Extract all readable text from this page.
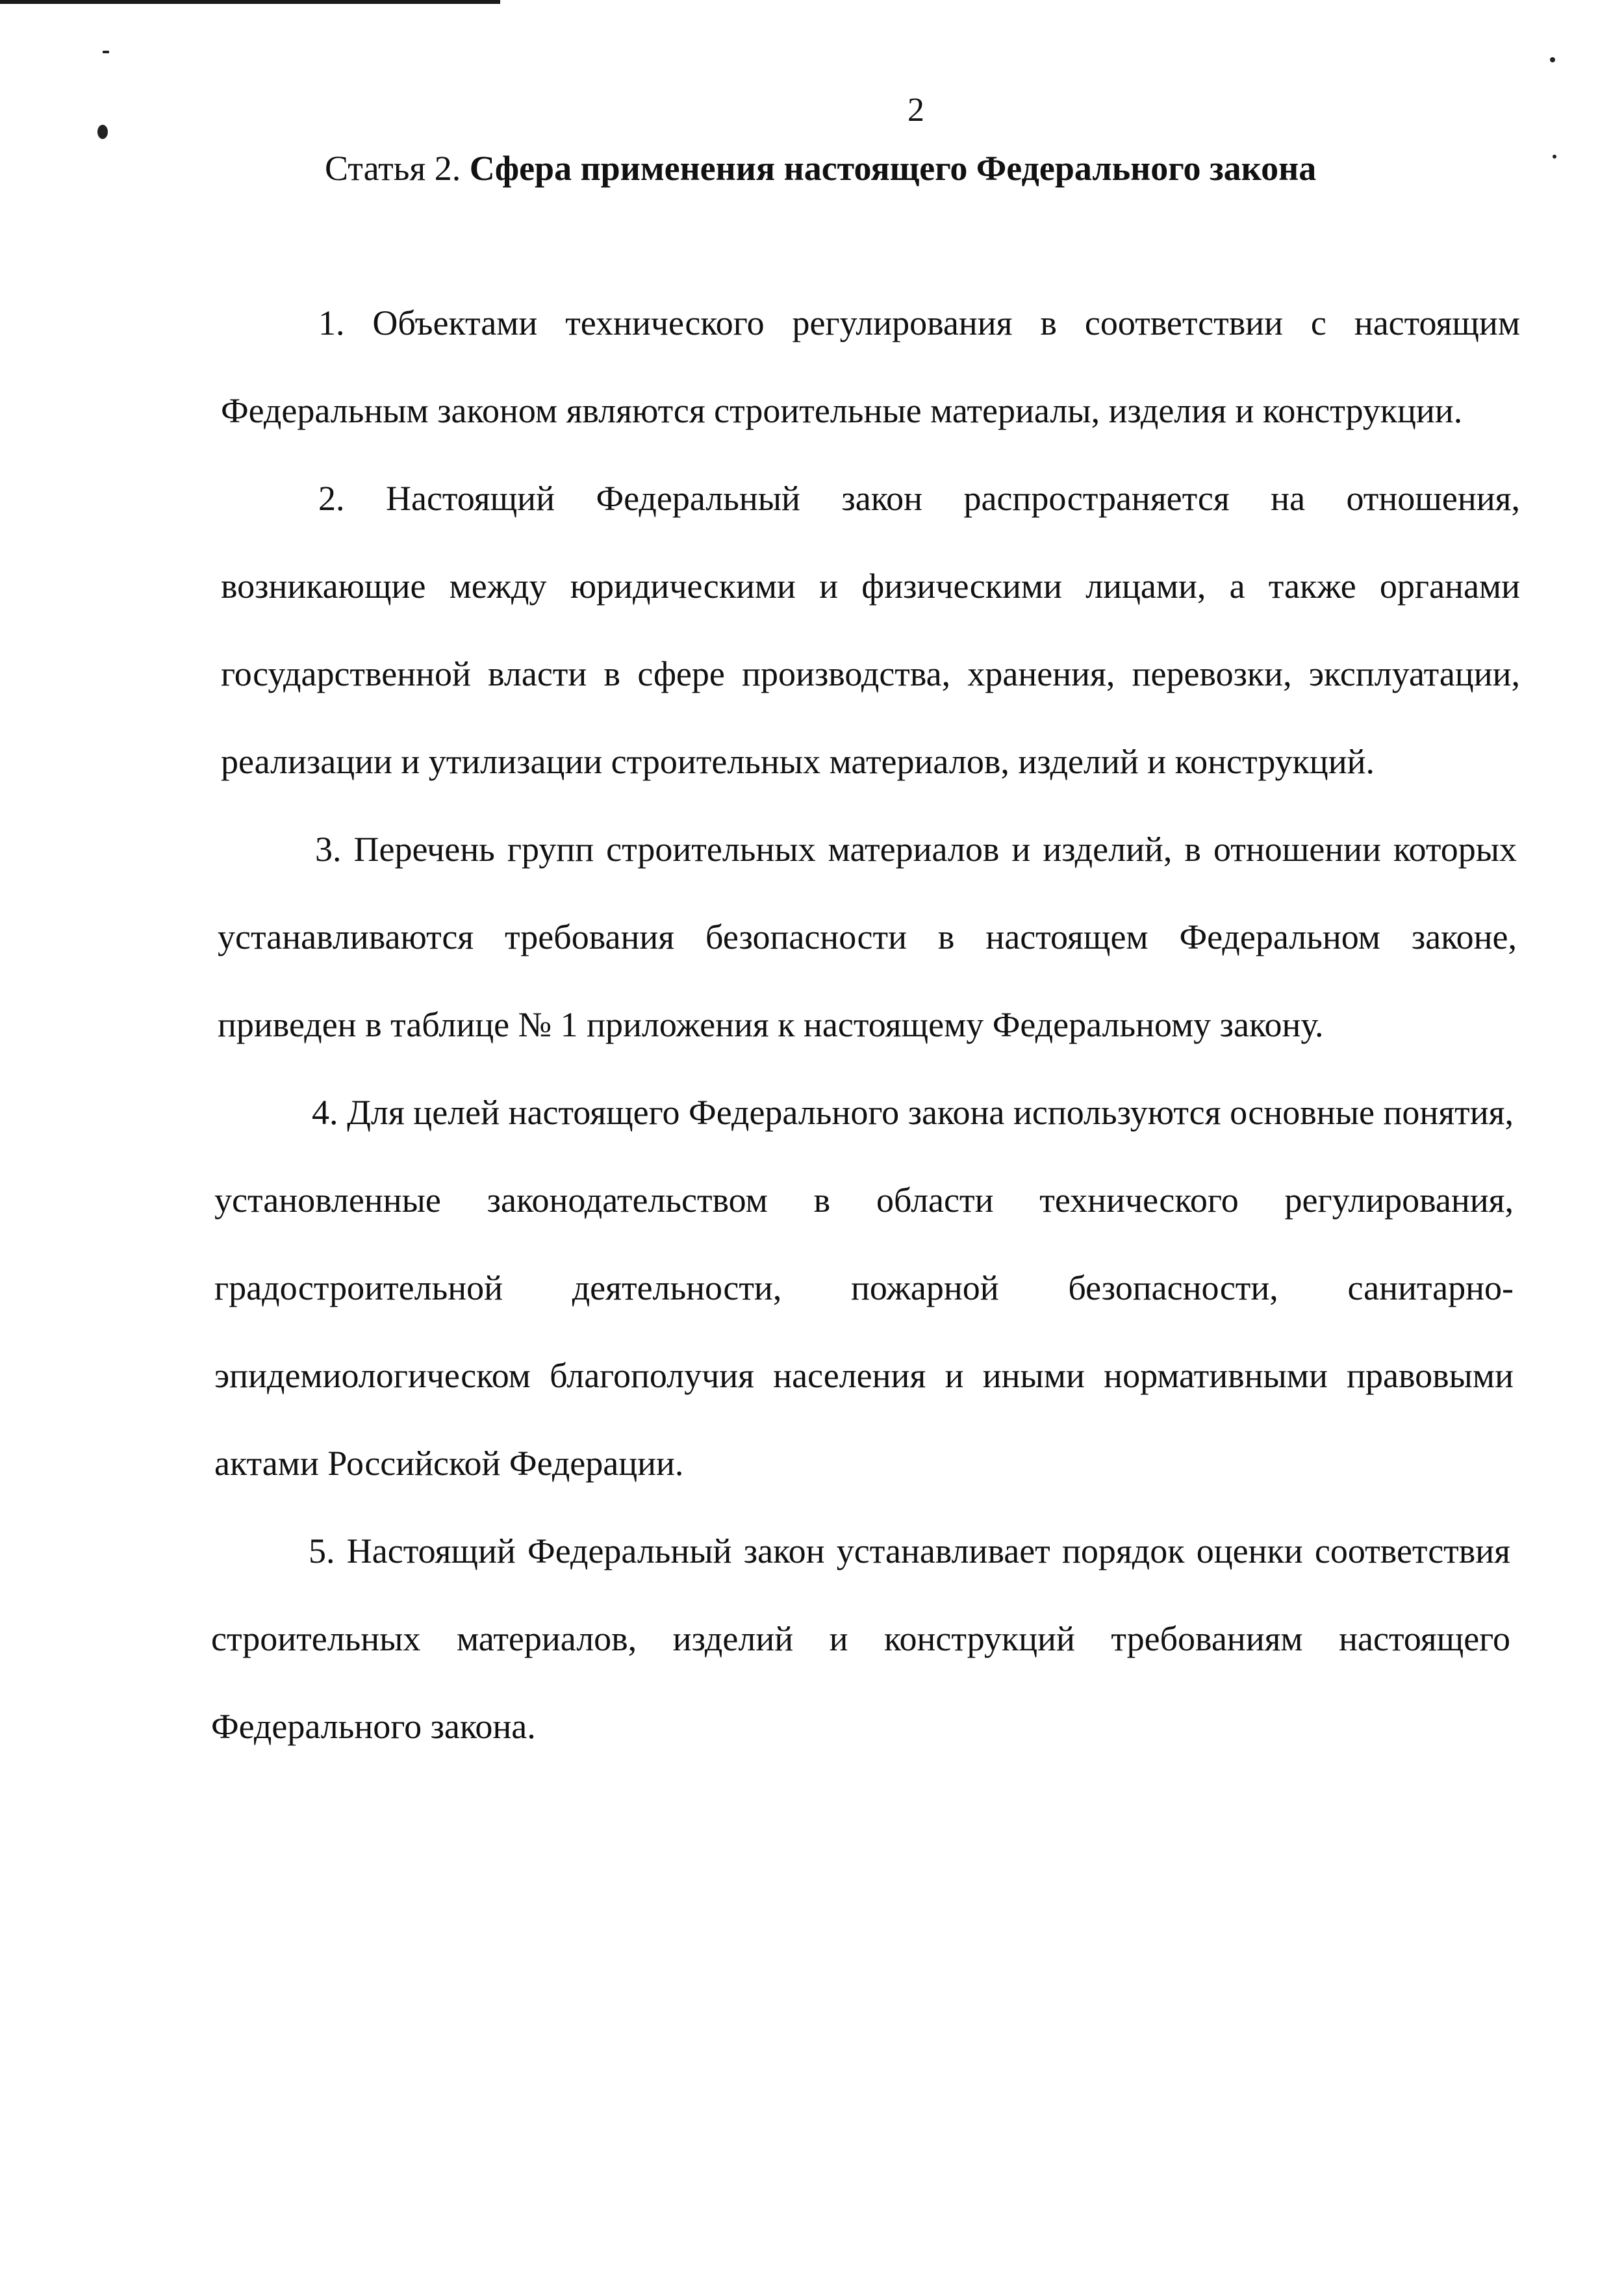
2
Статья 2. Сфера применения настоящего Федерального закона

1. Объектами технического регулирования в соответствии с настоящим Федеральным законом являются строительные материалы, изделия и конструкции.

2. Настоящий Федеральный закон распространяется на отношения, возникающие между юридическими и физическими лицами, а также органами государственной власти в сфере производства, хранения, перевозки, эксплуатации, реализации и утилизации строительных материалов, изделий и конструкций.

3. Перечень групп строительных материалов и изделий, в отношении которых устанавливаются требования безопасности в настоящем Федеральном законе, приведен в таблице № 1 приложения к настоящему Федеральному закону.

4. Для целей настоящего Федерального закона используются основные понятия, установленные законодательством в области технического регулирования, градостроительной деятельности, пожарной безопасности, санитарно-эпидемиологическом благополучия населения и иными нормативными правовыми актами Российской Федерации.

5. Настоящий Федеральный закон устанавливает порядок оценки соответствия строительных материалов, изделий и конструкций требованиям настоящего Федерального закона.
